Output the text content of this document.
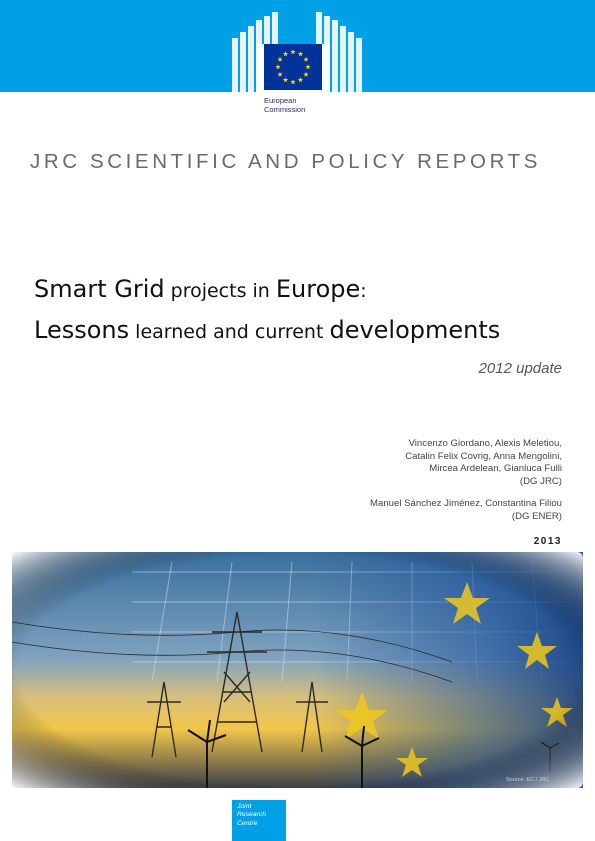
European
Commission
JRC SCIENTIFIC AND POLICY REPORTS
Smart Grid projects in Europe:
Lessons learned and current developments
2012 update
Vincenzo Giordano, Alexis Meletiou,
Catalin Felix Covrig, Anna Mengolini,
Mircea Ardelean, Gianluca Fulli
(DG JRC)
Manuel Sánchez Jiménez, Constantina Filiou
(DG ENER)
2013
Source: EC / JRC
Joint
Research
Centre
